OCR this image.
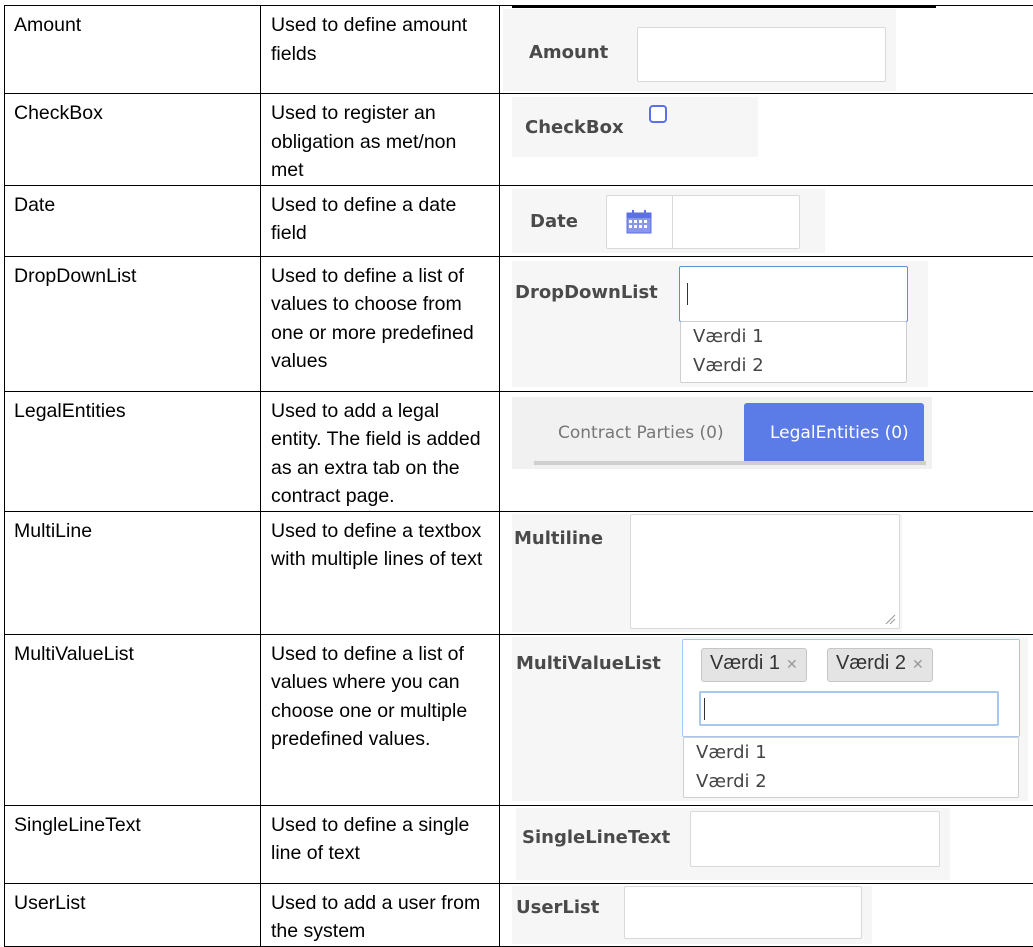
Amount	Used to define amount fields	Amount

CheckBox	Used to register an obligation as met/non met	CheckBox

Date	Used to define a date field	Date

DropDownList	Used to define a list of values to choose from one or more predefined values	DropDownList
Værdi 1
Værdi 2

LegalEntities	Used to add a legal entity. The field is added as an extra tab on the contract page.	Contract Parties (0) LegalEntities (0)

MultiLine	Used to define a textbox with multiple lines of text	Multiline

MultiValueList	Used to define a list of values where you can choose one or multiple predefined values.	MultiValueList Værdi 1 ✕ Værdi 2 ✕
Værdi 1
Værdi 2

SingleLineText	Used to define a single line of text	SingleLineText

UserList	Used to add a user from the system	UserList
